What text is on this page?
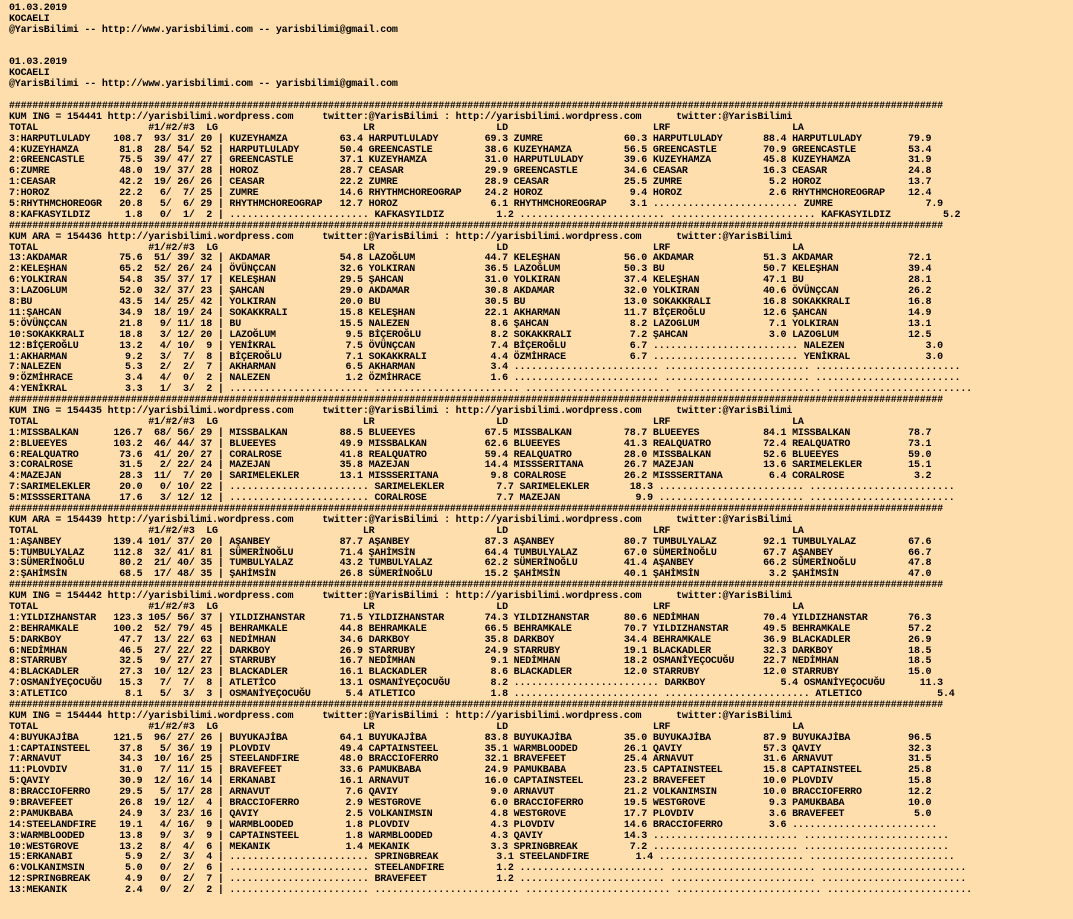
01.03.2019
KOCAELI
@YarisBilimi -- http://www.yarisbilimi.com -- yarisbilimi@gmail.com

01.03.2019
KOCAELI
@YarisBilimi -- http://www.yarisbilimi.com -- yarisbilimi@gmail.com

#################################################################################################################################################################
KUM ING = 154441 http://yarisbilimi.wordpress.com     twitter:@YarisBilimi : http://yarisbilimi.wordpress.com      twitter:@YarisBilimi
TOTAL                   #1/#2/#3  LG                         LR                     LD                         LRF                     LA
3:HARPUTLULADY    108.7  93/ 31/ 20 | KUZEYHAMZA         63.4 HARPUTLULADY        69.3 ZUMRE              60.3 HARPUTLULADY       88.4 HARPUTLULADY        79.9
4:KUZEYHAMZA       81.8  28/ 54/ 52 | HARPUTLULADY       50.4 GREENCASTLE         38.6 KUZEYHAMZA         56.5 GREENCASTLE        70.9 GREENCASTLE         53.4
2:GREENCASTLE      75.5  39/ 47/ 27 | GREENCASTLE        37.1 KUZEYHAMZA          31.0 HARPUTLULADY       39.6 KUZEYHAMZA         45.8 KUZEYHAMZA          31.9
6:ZUMRE            48.0  19/ 37/ 28 | HOROZ              28.7 CEASAR              29.9 GREENCASTLE        34.6 CEASAR             16.3 CEASAR              24.8
1:CEASAR           42.2  19/ 26/ 26 | CEASAR             22.2 ZUMRE               28.9 CEASAR             25.5 ZUMRE               5.2 HOROZ               13.7
7:HOROZ            22.2   6/  7/ 25 | ZUMRE              14.6 RHYTHMCHOREOGRAP    24.2 HOROZ               9.4 HOROZ               2.6 RHYTHMCHOREOGRAP    12.4
5:RHYTHMCHOREOGR   20.8   5/  6/ 29 | RHYTHMCHOREOGRAP   12.7 HOROZ                6.1 RHYTHMCHOREOGRAP    3.1 ......................... ZUMRE                7.9
8:KAFKASYILDIZ      1.8   0/  1/  2 | ........................ KAFKASYILDIZ         1.2 ......................... ......................... KAFKASYILDIZ         5.2
#################################################################################################################################################################
KUM ARA = 154436 http://yarisbilimi.wordpress.com     twitter:@YarisBilimi : http://yarisbilimi.wordpress.com      twitter:@YarisBilimi
TOTAL                   #1/#2/#3  LG                         LR                     LD                         LRF                     LA
13:AKDAMAR         75.6  51/ 39/ 32 | AKDAMAR            54.8 LAZOĞLUM            44.7 KELEŞHAN           56.0 AKDAMAR            51.3 AKDAMAR             72.1
2:KELEŞHAN         65.2  52/ 26/ 24 | ÖVÜNÇCAN           32.6 YOLKIRAN            36.5 LAZOĞLUM           50.3 BU                 50.7 KELEŞHAN            39.4
6:YOLKIRAN         54.8  35/ 37/ 17 | KELEŞHAN           29.5 ŞAHCAN              31.0 YOLKIRAN           37.4 KELEŞHAN           47.1 BU                  28.1
3:LAZOGLUM         52.0  32/ 37/ 23 | ŞAHCAN             29.0 AKDAMAR             30.8 AKDAMAR            32.0 YOLKIRAN           40.6 ÖVÜNÇCAN            26.2
8:BU               43.5  14/ 25/ 42 | YOLKIRAN           20.0 BU                  30.5 BU                 13.0 SOKAKKRALI         16.8 SOKAKKRALI          16.8
11:ŞAHCAN          34.9  18/ 19/ 24 | SOKAKKRALI         15.8 KELEŞHAN            22.1 AKHARMAN           11.7 BİÇEROĞLU          12.6 ŞAHCAN              14.9
5:ÖVÜNÇCAN         21.8   9/ 11/ 18 | BU                 15.5 NALEZEN              8.6 ŞAHCAN              8.2 LAZOGLUM            7.1 YOLKIRAN            13.1
10:SOKAKKRALI      18.8   3/ 12/ 20 | LAZOĞLUM            9.5 BİÇEROĞLU            8.2 SOKAKKRALI          7.2 ŞAHCAN              3.0 LAZOGLUM            12.5
12:BİÇEROĞLU       13.2   4/ 10/  9 | YENİKRAL            7.5 ÖVÜNÇCAN             7.4 BİÇEROĞLU           6.7 ......................... NALEZEN              3.0
1:AKHARMAN          9.2   3/  7/  8 | BİÇEROĞLU           7.1 SOKAKKRALI           4.4 ÖZMİHRACE           6.7 ......................... YENİKRAL             3.0
7:NALEZEN           5.3   2/  2/  7 | AKHARMAN            6.5 AKHARMAN             3.4 ......................... ......................... .........................
9:ÖZMİHRACE         3.4   4/  0/  2 | NALEZEN             1.2 ÖZMİHRACE            1.6 ......................... ......................... .........................
4:YENİKRAL          3.3   1/  3/  2 | ........................ ......................... ......................... ......................... .........................
#################################################################################################################################################################
KUM ING = 154435 http://yarisbilimi.wordpress.com     twitter:@YarisBilimi : http://yarisbilimi.wordpress.com      twitter:@YarisBilimi
TOTAL                   #1/#2/#3  LG                         LR                     LD                         LRF                     LA
1:MISSBALKAN      126.7  68/ 56/ 29 | MISSBALKAN         88.5 BLUEEYES            67.5 MISSBALKAN         78.7 BLUEEYES           84.1 MISSBALKAN          78.7
2:BLUEEYES        103.2  46/ 44/ 37 | BLUEEYES           49.9 MISSBALKAN          62.6 BLUEEYES           41.3 REALQUATRO         72.4 REALQUATRO          73.1
6:REALQUATRO       73.6  41/ 20/ 27 | CORALROSE          41.8 REALQUATRO          59.4 REALQUATRO         28.0 MISSBALKAN         52.6 BLUEEYES            59.0
3:CORALROSE        31.5   2/ 22/ 24 | MAZEJAN            35.8 MAZEJAN             14.4 MISSSERITANA       26.7 MAZEJAN            13.6 SARIMELEKLER        15.1
4:MAZEJAN          28.3  11/  7/ 20 | SARIMELEKLER       13.1 MISSSERITANA         9.8 CORALROSE          26.2 MISSSERITANA        6.4 CORALROSE            3.2
7:SARIMELEKLER     20.0   0/ 10/ 22 | ........................ SARIMELEKLER         7.7 SARIMELEKLER       18.3 ......................... .........................
5:MISSSERITANA     17.6   3/ 12/ 12 | ........................ CORALROSE            7.7 MAZEJAN             9.9 ......................... .........................
#################################################################################################################################################################
KUM ARA = 154439 http://yarisbilimi.wordpress.com     twitter:@YarisBilimi : http://yarisbilimi.wordpress.com      twitter:@YarisBilimi
TOTAL                   #1/#2/#3  LG                         LR                     LD                         LRF                     LA
1:AŞANBEY         139.4 101/ 37/ 20 | AŞANBEY            87.7 AŞANBEY             87.3 AŞANBEY            80.7 TUMBULYALAZ        92.1 TUMBULYALAZ         67.6
5:TUMBULYALAZ     112.8  32/ 41/ 81 | SÜMERİNOĞLU        71.4 ŞAHİMSİN            64.4 TUMBULYALAZ        67.0 SÜMERİNOĞLU        67.7 AŞANBEY             66.7
3:SÜMERİNOĞLU      80.2  21/ 40/ 35 | TUMBULYALAZ        43.2 TUMBULYALAZ         62.2 SÜMERİNOĞLU        41.4 AŞANBEY            66.2 SÜMERİNOĞLU         47.8
2:ŞAHİMSİN         68.5  17/ 48/ 35 | ŞAHİMSİN           26.8 SÜMERİNOĞLU         15.2 ŞAHİMSİN           40.1 ŞAHİMSİN            3.2 ŞAHİMSİN            47.0
#################################################################################################################################################################
KUM ING = 154442 http://yarisbilimi.wordpress.com     twitter:@YarisBilimi : http://yarisbilimi.wordpress.com      twitter:@YarisBilimi
TOTAL                   #1/#2/#3  LG                         LR                     LD                         LRF                     LA
1:YILDIZHANSTAR   123.3 105/ 56/ 37 | YILDIZHANSTAR      71.5 YILDIZHANSTAR       74.3 YILDIZHANSTAR      80.6 NEDİMHAN           70.4 YILDIZHANSTAR       76.3
2:BEHRAMKALE      100.2  52/ 79/ 45 | BEHRAMKALE         44.8 BEHRAMKALE          66.5 BEHRAMKALE         70.7 YILDIZHANSTAR      49.5 BEHRAMKALE          57.2
5:DARKBOY          47.7  13/ 22/ 63 | NEDİMHAN           34.6 DARKBOY             35.8 DARKBOY            34.4 BEHRAMKALE         36.9 BLACKADLER          26.9
6:NEDİMHAN         46.5  27/ 22/ 22 | DARKBOY            26.9 STARRUBY            24.9 STARRUBY           19.1 BLACKADLER         32.3 DARKBOY             18.5
8:STARRUBY         32.5   9/ 27/ 27 | STARRUBY           16.7 NEDİMHAN             9.1 NEDİMHAN           18.2 OSMANİYEÇOCUĞU     22.7 NEDİMHAN            18.5
4:BLACKADLER       27.3  10/ 12/ 23 | BLACKADLER         16.1 BLACKADLER           8.6 BLACKADLER         12.0 STARRUBY           12.0 STARRUBY            15.0
7:OSMANİYEÇOCUĞU   15.3   7/  7/  8 | ATLETİCO           13.1 OSMANİYEÇOCUĞU       8.2 ......................... DARKBOY             5.4 OSMANİYEÇOCUĞU      11.3
3:ATLETICO          8.1   5/  3/  3 | OSMANİYEÇOCUĞU      5.4 ATLETICO             1.8 ......................... ......................... ATLETICO             5.4
#################################################################################################################################################################
KUM ING = 154444 http://yarisbilimi.wordpress.com     twitter:@YarisBilimi : http://yarisbilimi.wordpress.com      twitter:@YarisBilimi
TOTAL                   #1/#2/#3  LG                         LR                     LD                         LRF                     LA
4:BUYUKAJİBA      121.5  96/ 27/ 26 | BUYUKAJİBA         64.1 BUYUKAJİBA          83.8 BUYUKAJİBA         35.0 BUYUKAJİBA         87.9 BUYUKAJİBA          96.5
1:CAPTAINSTEEL     37.8   5/ 36/ 19 | PLOVDIV            49.4 CAPTAINSTEEL        35.1 WARMBLOODED        26.1 QAVIY              57.3 QAVIY               32.3
7:ARNAVUT          34.3  10/ 16/ 25 | STEELANDFIRE       48.0 BRACCIOFERRO        32.1 BRAVEFEET          25.4 ARNAVUT            31.6 ARNAVUT             31.5
11:PLOVDIV         31.0   7/ 11/ 15 | BRAVEFEET          33.6 PAMUKBABA           24.9 PAMUKBABA          23.5 CAPTAINSTEEL       15.8 CAPTAINSTEEL        25.8
5:QAVIY            30.9  12/ 16/ 14 | ERKANABI           16.1 ARNAVUT             16.0 CAPTAINSTEEL       23.2 BRAVEFEET          10.0 PLOVDIV             15.8
8:BRACCIOFERRO     29.5   5/ 17/ 28 | ARNAVUT             7.6 QAVIY                9.0 ARNAVUT            21.2 VOLKANIMSIN        10.0 BRACCIOFERRO        12.2
9:BRAVEFEET        26.8  19/ 12/  4 | BRACCIOFERRO        2.9 WESTGROVE            6.0 BRACCIOFERRO       19.5 WESTGROVE           9.3 PAMUKBABA           10.0
2:PAMUKBABA        24.9   3/ 23/ 16 | QAVIY               2.5 VOLKANIMSIN          4.8 WESTGROVE          17.7 PLOVDIV             3.6 BRAVEFEET            5.0
14:STEELANDFIRE    19.1   4/ 16/  9 | WARMBLOODED         1.8 PLOVDIV              4.3 PLOVDIV            14.6 BRACCIOFERRO        3.6 .........................
3:WARMBLOODED      13.8   9/  3/  9 | CAPTAINSTEEL        1.8 WARMBLOODED          4.3 QAVIY              14.3 ......................... .........................
10:WESTGROVE       13.2   8/  4/  6 | MEKANIK             1.4 MEKANIK              3.3 SPRINGBREAK         7.2 ......................... .........................
15:ERKANABI         5.9   2/  3/  4 | ........................ SPRINGBREAK          3.1 STEELANDFIRE        1.4 ......................... .........................
6:VOLKANIMSIN       5.0   0/  2/  6 | ........................ STEELANDFIRE         1.2 ......................... ......................... .........................
12:SPRINGBREAK      4.9   0/  2/  7 | ........................ BRAVEFEET            1.2 ......................... ......................... .........................
13:MEKANIK          2.4   0/  2/  2 | ........................ ......................... ......................... ......................... .........................
